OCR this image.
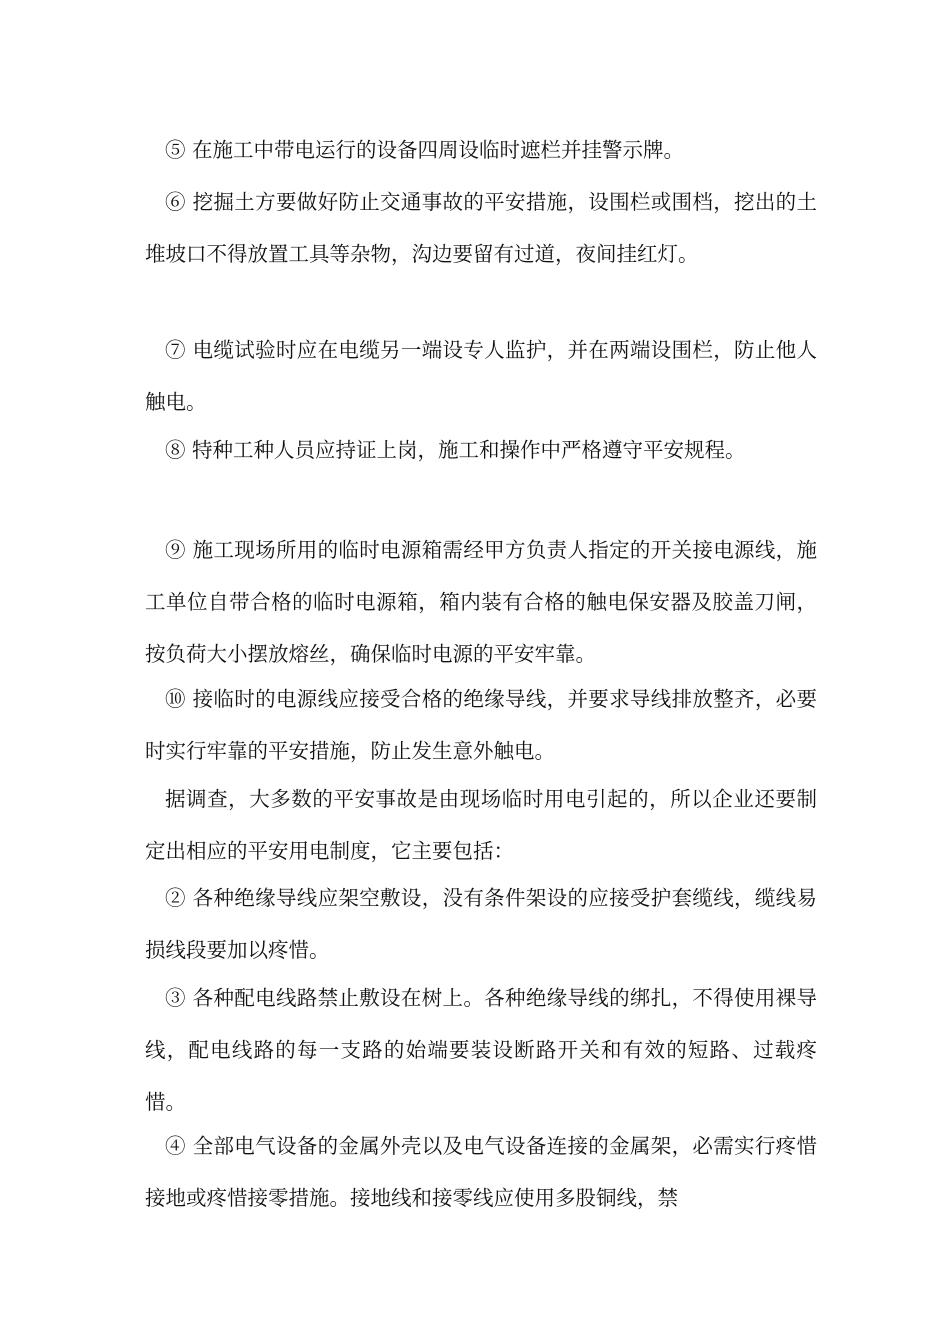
⑤ 在施工中带电运行的设备四周设临时遮栏并挂警示牌。

⑥ 挖掘土方要做好防止交通事故的平安措施，设围栏或围档，挖出的土堆坡口不得放置工具等杂物，沟边要留有过道，夜间挂红灯。

⑦ 电缆试验时应在电缆另一端设专人监护，并在两端设围栏，防止他人触电。

⑧ 特种工种人员应持证上岗，施工和操作中严格遵守平安规程。

⑨ 施工现场所用的临时电源箱需经甲方负责人指定的开关接电源线，施工单位自带合格的临时电源箱，箱内装有合格的触电保安器及胶盖刀闸，按负荷大小摆放熔丝，确保临时电源的平安牢靠。

⑩ 接临时的电源线应接受合格的绝缘导线，并要求导线排放整齐，必要时实行牢靠的平安措施，防止发生意外触电。

据调查，大多数的平安事故是由现场临时用电引起的，所以企业还要制定出相应的平安用电制度，它主要包括：

② 各种绝缘导线应架空敷设，没有条件架设的应接受护套缆线，缆线易损线段要加以疼惜。

③ 各种配电线路禁止敷设在树上。各种绝缘导线的绑扎，不得使用裸导线，配电线路的每一支路的始端要装设断路开关和有效的短路、过载疼惜。

④ 全部电气设备的金属外壳以及电气设备连接的金属架，必需实行疼惜接地或疼惜接零措施。接地线和接零线应使用多股铜线，禁
